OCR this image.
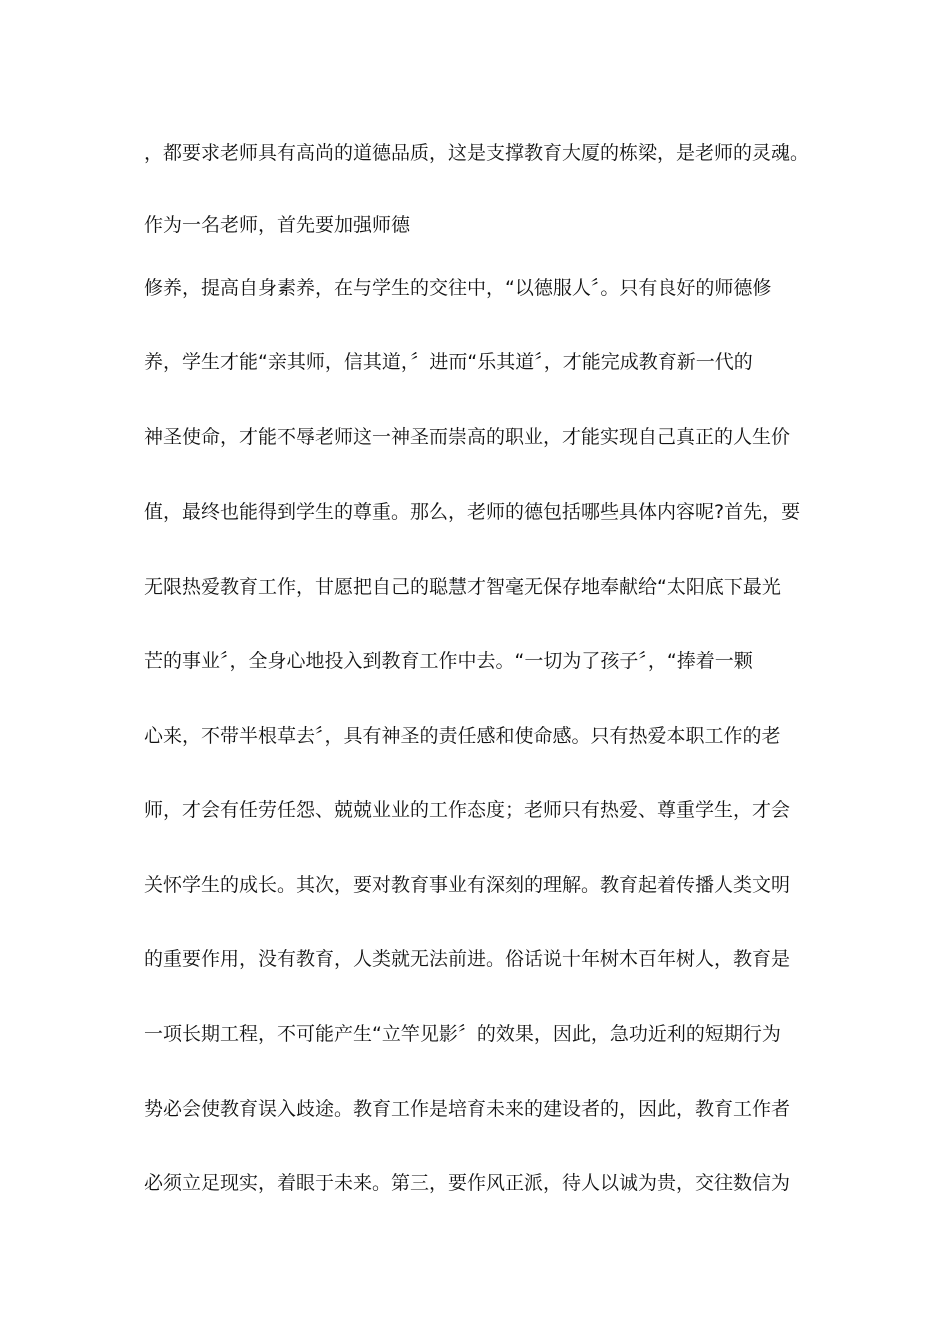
，都要求老师具有高尚的道德品质，这是支撑教育大厦的栋梁，是老师的灵魂。
作为一名老师，首先要加强师德
修养，提高自身素养，在与学生的交往中，“以德服人〞。只有良好的师德修
养，学生才能“亲其师，信其道，〞进而“乐其道〞，才能完成教育新一代的
神圣使命，才能不辱老师这一神圣而崇高的职业，才能实现自己真正的人生价
值，最终也能得到学生的尊重。那么，老师的德包括哪些具体内容呢?首先，要
无限热爱教育工作，甘愿把自己的聪慧才智毫无保存地奉献给“太阳底下最光
芒的事业〞，全身心地投入到教育工作中去。“一切为了孩子〞，“捧着一颗
心来，不带半根草去〞，具有神圣的责任感和使命感。只有热爱本职工作的老
师，才会有任劳任怨、兢兢业业的工作态度；老师只有热爱、尊重学生，才会
关怀学生的成长。其次，要对教育事业有深刻的理解。教育起着传播人类文明
的重要作用，没有教育，人类就无法前进。俗话说十年树木百年树人，教育是
一项长期工程，不可能产生“立竿见影〞的效果，因此，急功近利的短期行为
势必会使教育误入歧途。教育工作是培育未来的建设者的，因此，教育工作者
必须立足现实，着眼于未来。第三，要作风正派，待人以诚为贵，交往数信为
